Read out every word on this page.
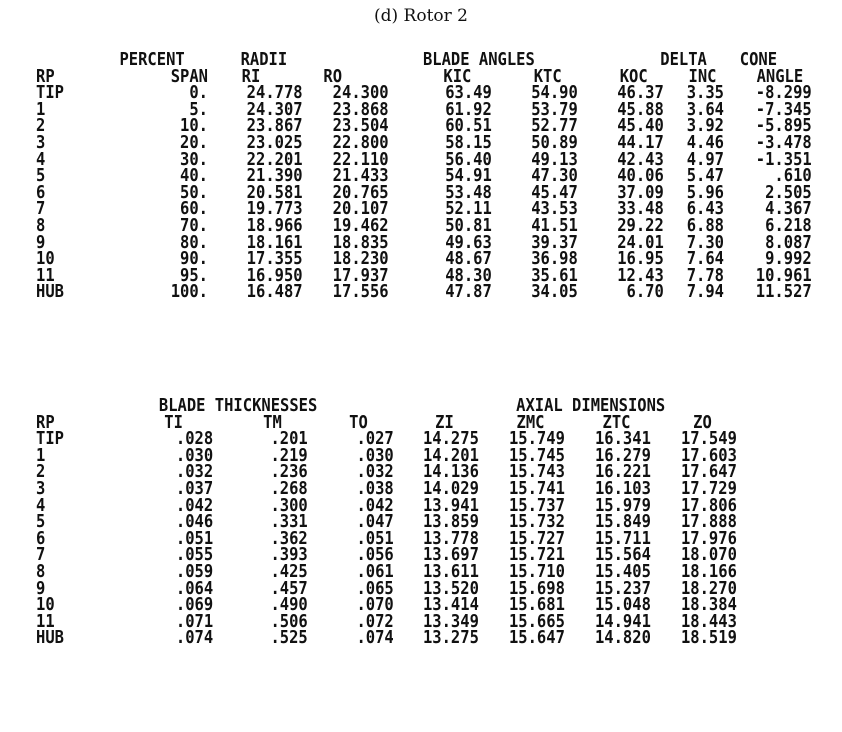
(d) Rotor 2
PERCENT	RADII	BLADE ANGLES	DELTA	CONE
RP	SPAN	RI	RO	KIC	KTC	KOC	INC	ANGLE
TIP	0.	24.778	24.300	63.49	54.90	46.37	3.35	-8.299
1	5.	24.307	23.868	61.92	53.79	45.88	3.64	-7.345
2	10.	23.867	23.504	60.51	52.77	45.40	3.92	-5.895
3	20.	23.025	22.800	58.15	50.89	44.17	4.46	-3.478
4	30.	22.201	22.110	56.40	49.13	42.43	4.97	-1.351
5	40.	21.390	21.433	54.91	47.30	40.06	5.47	.610
6	50.	20.581	20.765	53.48	45.47	37.09	5.96	2.505
7	60.	19.773	20.107	52.11	43.53	33.48	6.43	4.367
8	70.	18.966	19.462	50.81	41.51	29.22	6.88	6.218
9	80.	18.161	18.835	49.63	39.37	24.01	7.30	8.087
10	90.	17.355	18.230	48.67	36.98	16.95	7.64	9.992
11	95.	16.950	17.937	48.30	35.61	12.43	7.78	10.961
HUB	100.	16.487	17.556	47.87	34.05	6.70	7.94	11.527
BLADE THICKNESSES	AXIAL DIMENSIONS
RP	TI	TM	TO	ZI	ZMC	ZTC	ZO
TIP	.028	.201	.027	14.275	15.749	16.341	17.549
1	.030	.219	.030	14.201	15.745	16.279	17.603
2	.032	.236	.032	14.136	15.743	16.221	17.647
3	.037	.268	.038	14.029	15.741	16.103	17.729
4	.042	.300	.042	13.941	15.737	15.979	17.806
5	.046	.331	.047	13.859	15.732	15.849	17.888
6	.051	.362	.051	13.778	15.727	15.711	17.976
7	.055	.393	.056	13.697	15.721	15.564	18.070
8	.059	.425	.061	13.611	15.710	15.405	18.166
9	.064	.457	.065	13.520	15.698	15.237	18.270
10	.069	.490	.070	13.414	15.681	15.048	18.384
11	.071	.506	.072	13.349	15.665	14.941	18.443
HUB	.074	.525	.074	13.275	15.647	14.820	18.519
